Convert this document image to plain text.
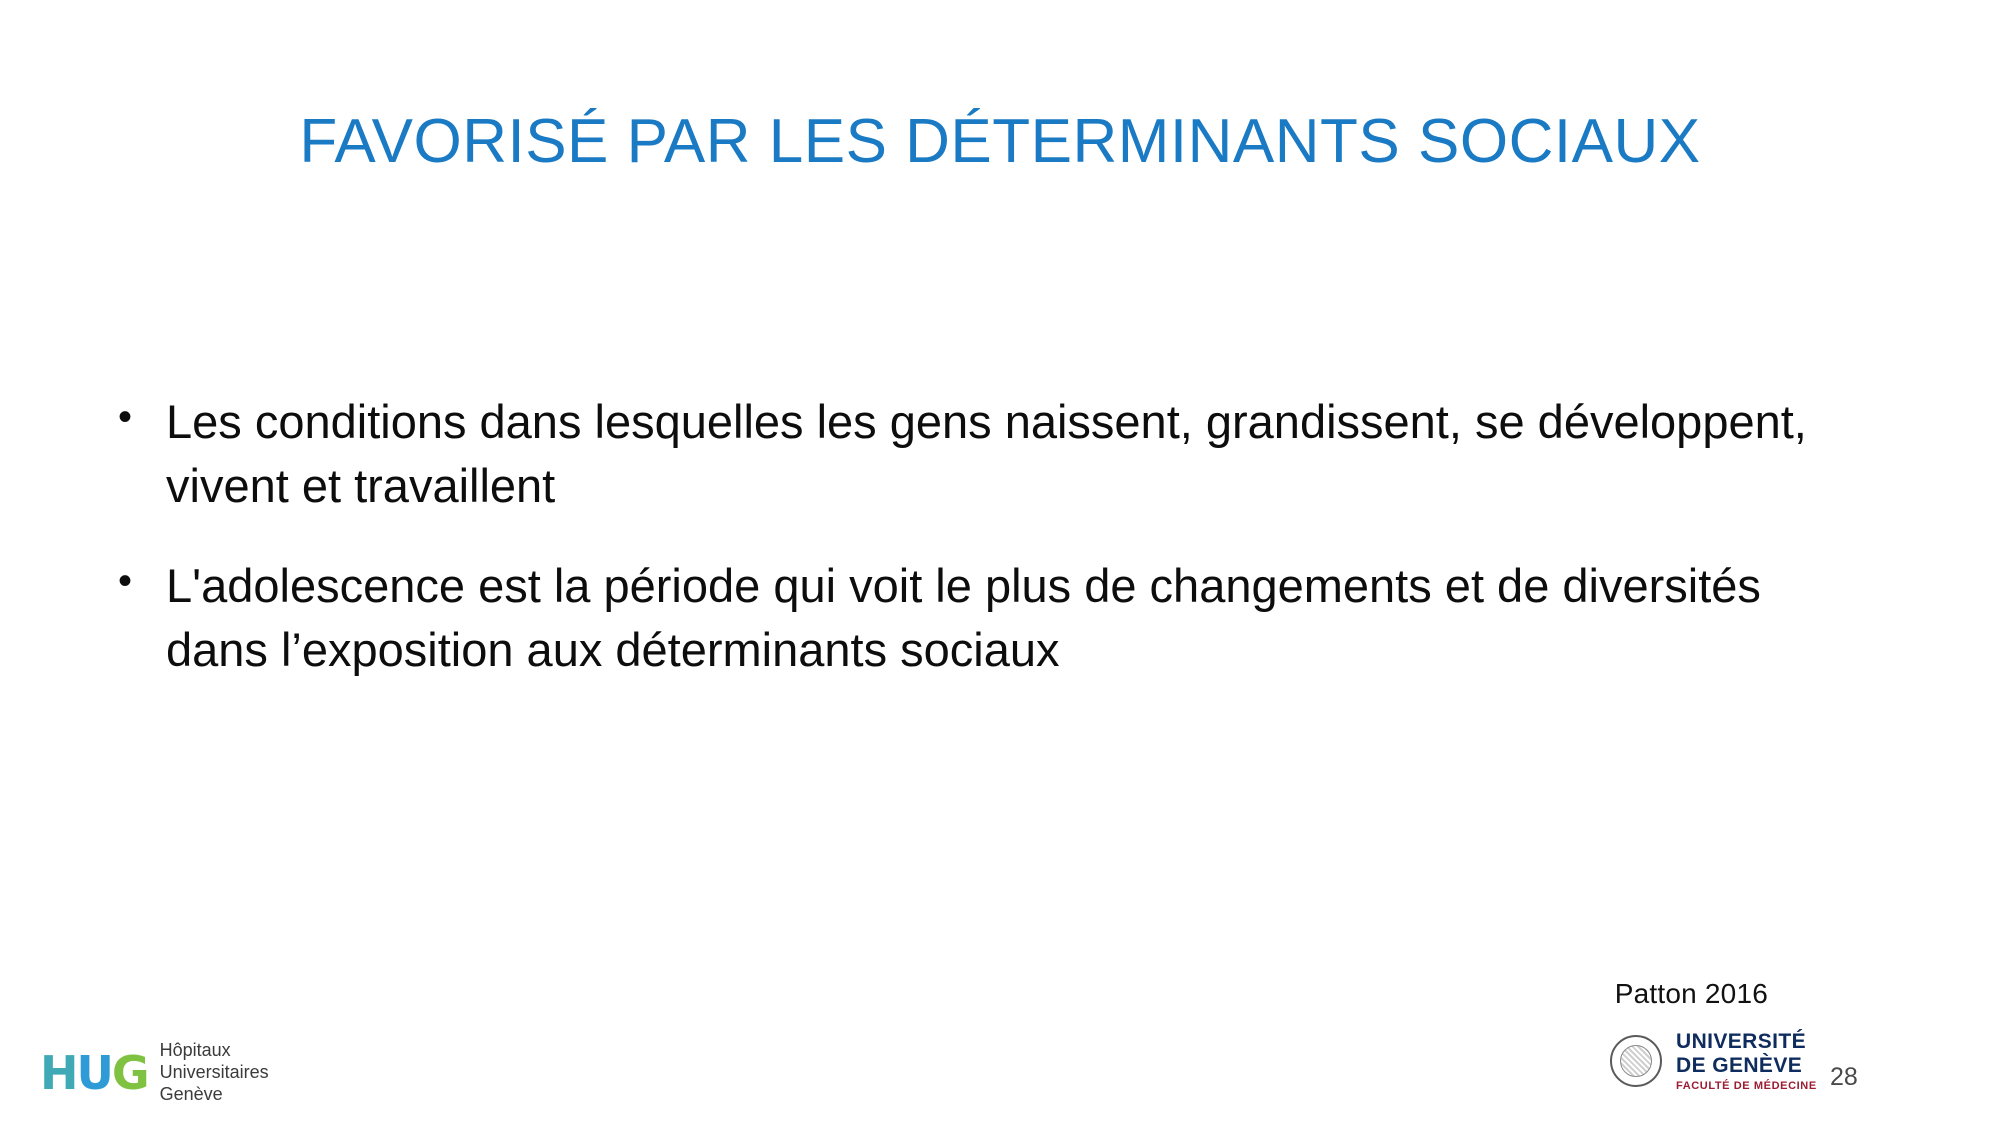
FAVORISÉ PAR LES DÉTERMINANTS SOCIAUX
• Les conditions dans lesquelles les gens naissent, grandissent, se développent, vivent et travaillent
• L'adolescence est la période qui voit le plus de changements et de diversités dans l’exposition aux déterminants sociaux
Patton 2016
28
H U G Hôpitaux
Universitaires
Genève
UNIVERSITÉ
DE GENÈVE
FACULTÉ DE MÉDECINE
